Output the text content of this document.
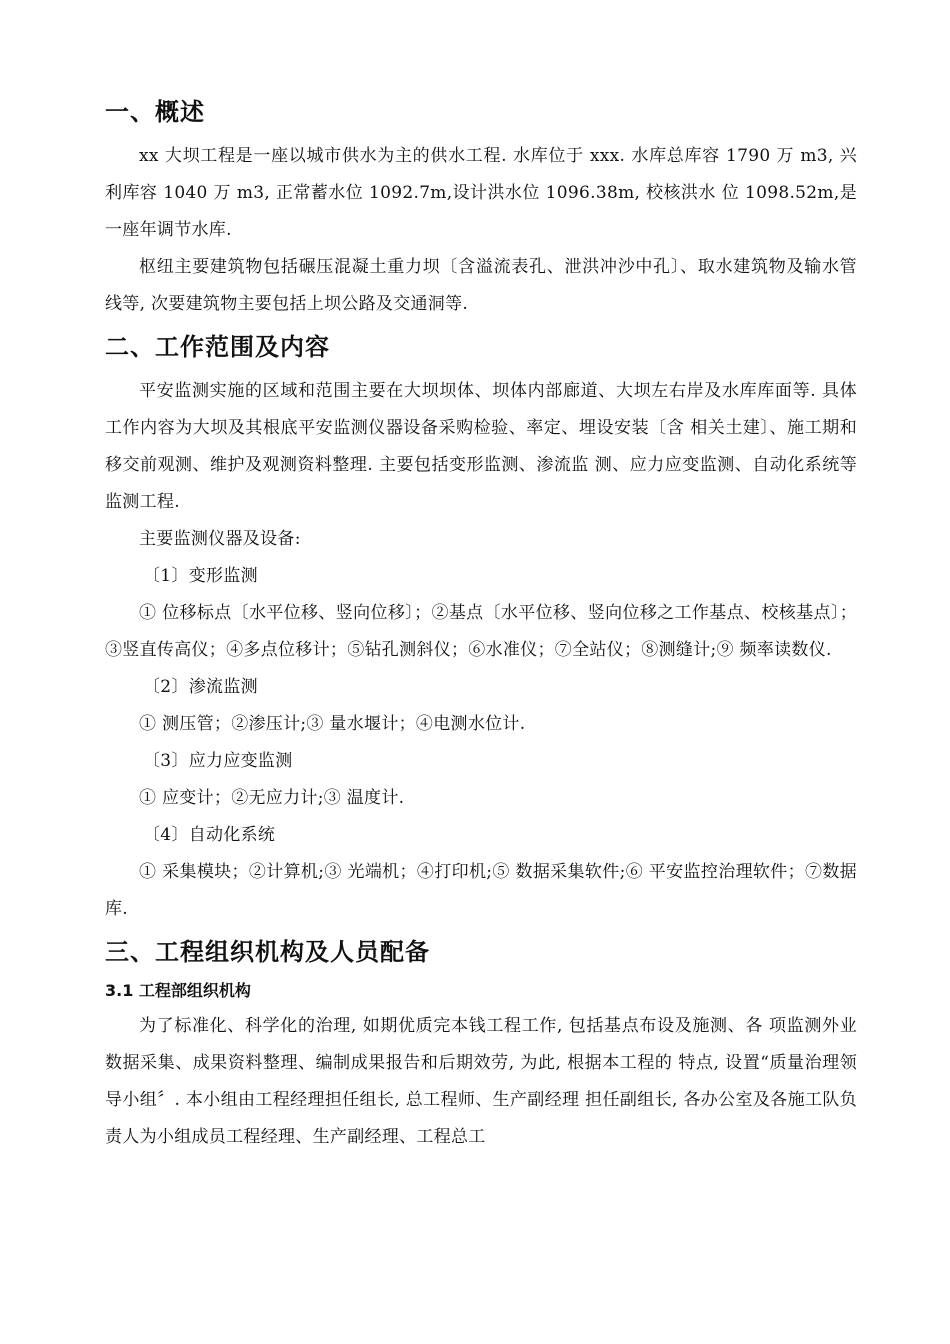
一、概述

xx 大坝工程是一座以城市供水为主的供水工程. 水库位于 xxx. 水库总库容 1790 万 m3, 兴利库容 1040 万 m3, 正常蓄水位 1092.7m,设计洪水位 1096.38m, 校核洪水 位 1098.52m,是一座年调节水库.

枢纽主要建筑物包括碾压混凝土重力坝〔含溢流表孔、泄洪冲沙中孔〕、取水建筑物及输水管线等, 次要建筑物主要包括上坝公路及交通洞等.

二、工作范围及内容

平安监测实施的区域和范围主要在大坝坝体、坝体内部廊道、大坝左右岸及水库库面等. 具体工作内容为大坝及其根底平安监测仪器设备采购检验、率定、埋设安装〔含 相关土建〕、施工期和移交前观测、维护及观测资料整理. 主要包括变形监测、渗流监 测、应力应变监测、自动化系统等监测工程.

主要监测仪器及设备:

〔1〕变形监测

① 位移标点〔水平位移、竖向位移〕；②基点〔水平位移、竖向位移之工作基点、校核基点〕；③竖直传高仪；④多点位移计；⑤钻孔测斜仪；⑥水准仪；⑦全站仪；⑧测缝计;⑨ 频率读数仪.

〔2〕渗流监测

① 测压管；②渗压计;③ 量水堰计；④电测水位计.

〔3〕应力应变监测

① 应变计；②无应力计;③ 温度计.

〔4〕自动化系统

① 采集模块；②计算机;③ 光端机；④打印机;⑤ 数据采集软件;⑥ 平安监控治理软件；⑦数据库.

三、工程组织机构及人员配备
3.1 工程部组织机构

为了标准化、科学化的治理, 如期优质完本钱工程工作, 包括基点布设及施测、各 项监测外业数据采集、成果资料整理、编制成果报告和后期效劳, 为此, 根据本工程的 特点, 设置“质量治理领导小组〞. 本小组由工程经理担任组长, 总工程师、生产副经理 担任副组长, 各办公室及各施工队负责人为小组成员工程经理、生产副经理、工程总工
